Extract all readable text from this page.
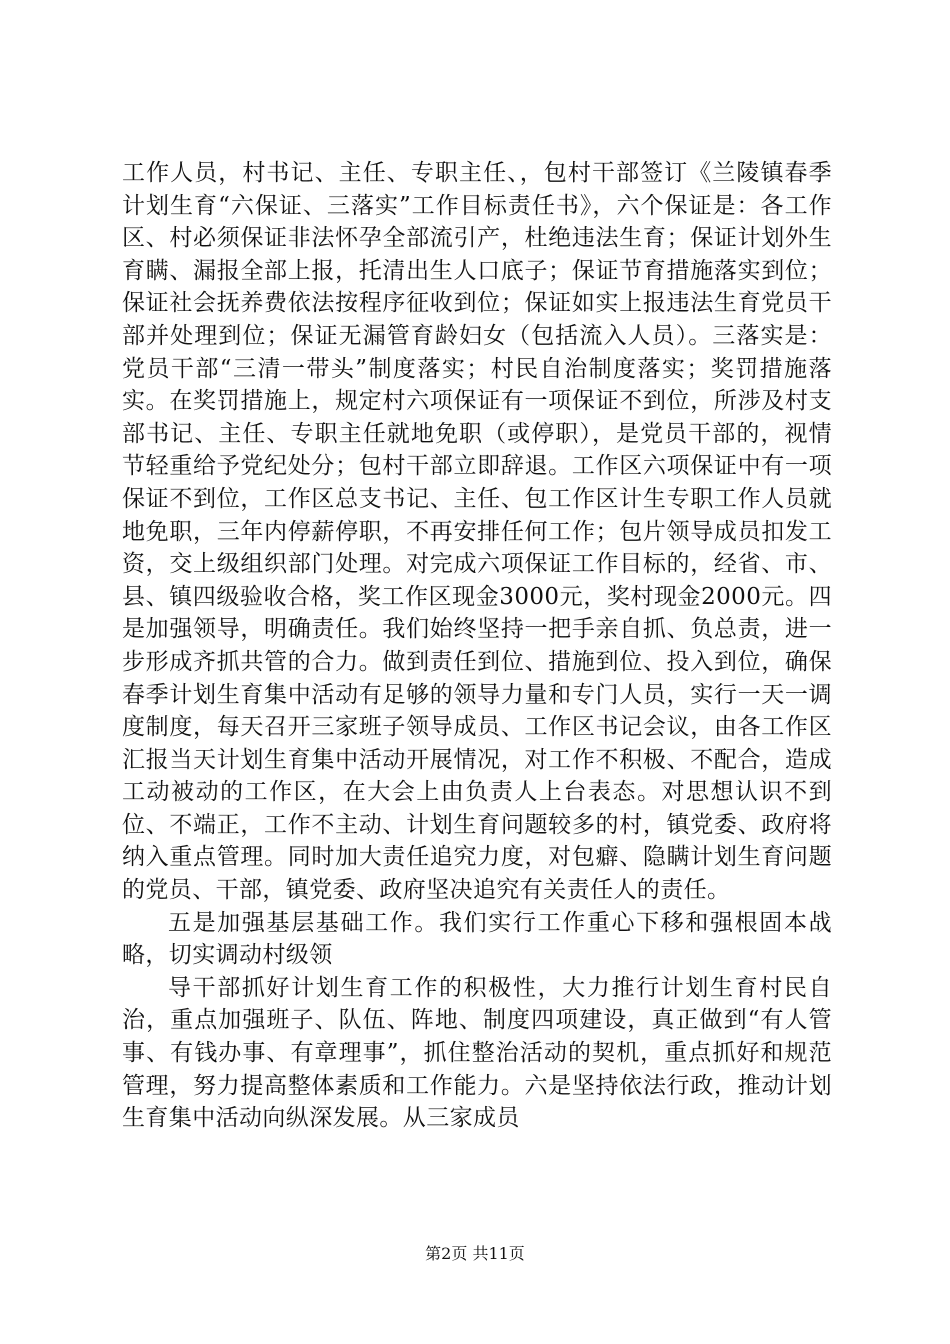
工作人员，村书记、主任、专职主任、，包村干部签订《兰陵镇春季计划生育“六保证、三落实”工作目标责任书》，六个保证是：各工作区、村必须保证非法怀孕全部流引产，杜绝违法生育；保证计划外生育瞒、漏报全部上报，托清出生人口底子；保证节育措施落实到位；保证社会抚养费依法按程序征收到位；保证如实上报违法生育党员干部并处理到位；保证无漏管育龄妇女（包括流入人员）。三落实是：党员干部“三清一带头”制度落实；村民自治制度落实；奖罚措施落实。在奖罚措施上，规定村六项保证有一项保证不到位，所涉及村支部书记、主任、专职主任就地免职（或停职），是党员干部的，视情节轻重给予党纪处分；包村干部立即辞退。工作区六项保证中有一项保证不到位，工作区总支书记、主任、包工作区计生专职工作人员就地免职，三年内停薪停职，不再安排任何工作；包片领导成员扣发工资，交上级组织部门处理。对完成六项保证工作目标的，经省、市、县、镇四级验收合格，奖工作区现金3000元，奖村现金2000元。四是加强领导，明确责任。我们始终坚持一把手亲自抓、负总责，进一步形成齐抓共管的合力。做到责任到位、措施到位、投入到位，确保春季计划生育集中活动有足够的领导力量和专门人员，实行一天一调度制度，每天召开三家班子领导成员、工作区书记会议，由各工作区汇报当天计划生育集中活动开展情况，对工作不积极、不配合，造成工动被动的工作区，在大会上由负责人上台表态。对思想认识不到位、不端正，工作不主动、计划生育问题较多的村，镇党委、政府将纳入重点管理。同时加大责任追究力度，对包癖、隐瞒计划生育问题的党员、干部，镇党委、政府坚决追究有关责任人的责任。

五是加强基层基础工作。我们实行工作重心下移和强根固本战略，切实调动村级领

导干部抓好计划生育工作的积极性，大力推行计划生育村民自治，重点加强班子、队伍、阵地、制度四项建设，真正做到“有人管事、有钱办事、有章理事”，抓住整治活动的契机，重点抓好和规范管理，努力提高整体素质和工作能力。六是坚持依法行政，推动计划生育集中活动向纵深发展。从三家成员

第2页 共11页
